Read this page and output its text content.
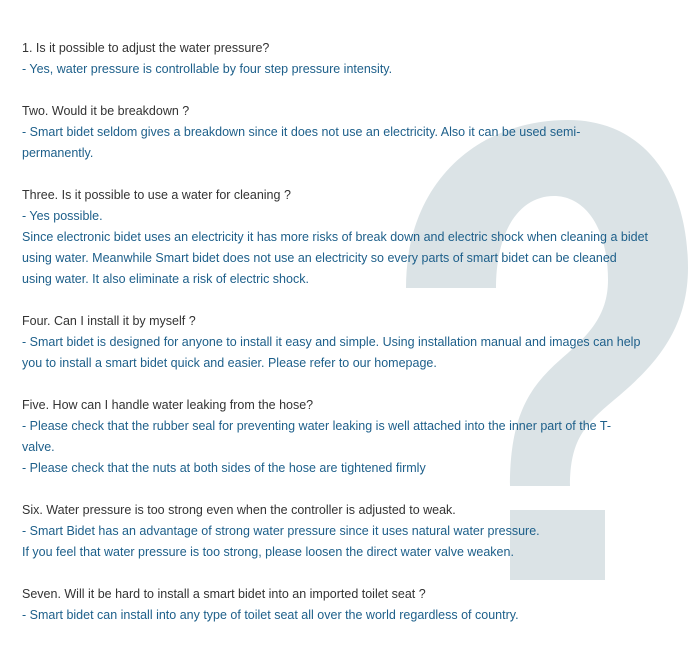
1. Is it possible to adjust the water pressure?

- Yes, water pressure is controllable by four step pressure intensity.

Two. Would it be breakdown ?

- Smart bidet seldom gives a breakdown since it does not use an electricity. Also it can be used semi-permanently.

Three. Is it possible to use a water for cleaning ?

- Yes possible.

Since electronic bidet uses an electricity it has more risks of break down and electric shock when cleaning a bidet using water. Meanwhile Smart bidet does not use an electricity so every parts of smart bidet can be cleaned using water. It also eliminate a risk of electric shock.

Four. Can I install it by myself ?

- Smart bidet is designed for anyone to install it easy and simple. Using installation manual and images can help you to install a smart bidet quick and easier. Please refer to our homepage.

Five. How can I handle water leaking from the hose?

- Please check that the rubber seal for preventing water leaking is well attached into the inner part of the T- valve.

- Please check that the nuts at both sides of the hose are tightened firmly

Six. Water pressure is too strong even when the controller is adjusted to weak.

- Smart Bidet has an advantage of strong water pressure since it uses natural water pressure.

If you feel that water pressure is too strong, please loosen the direct water valve weaken.

Seven. Will it be hard to install a smart bidet into an imported toilet seat ?

- Smart bidet can install into any type of toilet seat all over the world regardless of country.
